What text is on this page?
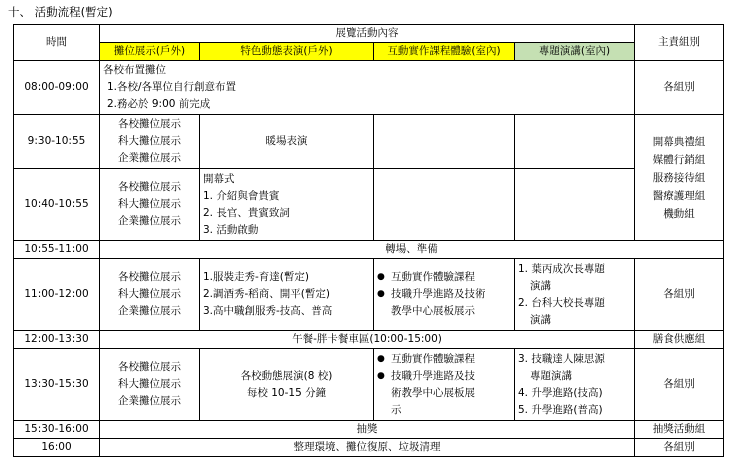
十、 活動流程(暫定)
時間	展覽活動內容				主責組別
	攤位展示(戶外)	特色動態表演(戶外)	互動實作課程體驗(室內)	專題演講(室內)	
08:00-09:00	各校布置攤位
1.各校/各單位自行創意布置
2.務必於 9:00 前完成				各組別
9:30-10:55	各校攤位展示
科大攤位展示
企業攤位展示	暖場表演			開幕典禮組
媒體行銷組
服務接待組
醫療護理組
機動組

10:40-10:55	各校攤位展示
科大攤位展示
企業攤位展示	開幕式
1. 介紹與會貴賓
2. 長官、貴賓致詞
3. 活動啟動			

10:55-11:00	轉場、準備				
11:00-12:00	各校攤位展示
科大攤位展示
企業攤位展示	1.服裝走秀-育達(暫定)
2.調酒秀-稻商、開平(暫定)
3.高中職創服秀-技高、普高	● 互動實作體驗課程
● 技職升學進路及技術
教學中心展板展示	1. 葉丙成次長專題
演講
2. 台科大校長專題
演講	各組別
12:00-13:30	午餐-胖卡餐車區(10:00-15:00)				膳食供應組
13:30-15:30	各校攤位展示
科大攤位展示
企業攤位展示	各校動態展演(8 校)
每校 10-15 分鐘	● 互動實作體驗課程
● 技職升學進路及技
術教學中心展板展
示	3. 技職達人陳思源
專題演講
4. 升學進路(技高)
5. 升學進路(普高)	各組別
15:30-16:00	抽獎				抽獎活動組
16:00	整理環境、攤位復原、垃圾清理				各組別
